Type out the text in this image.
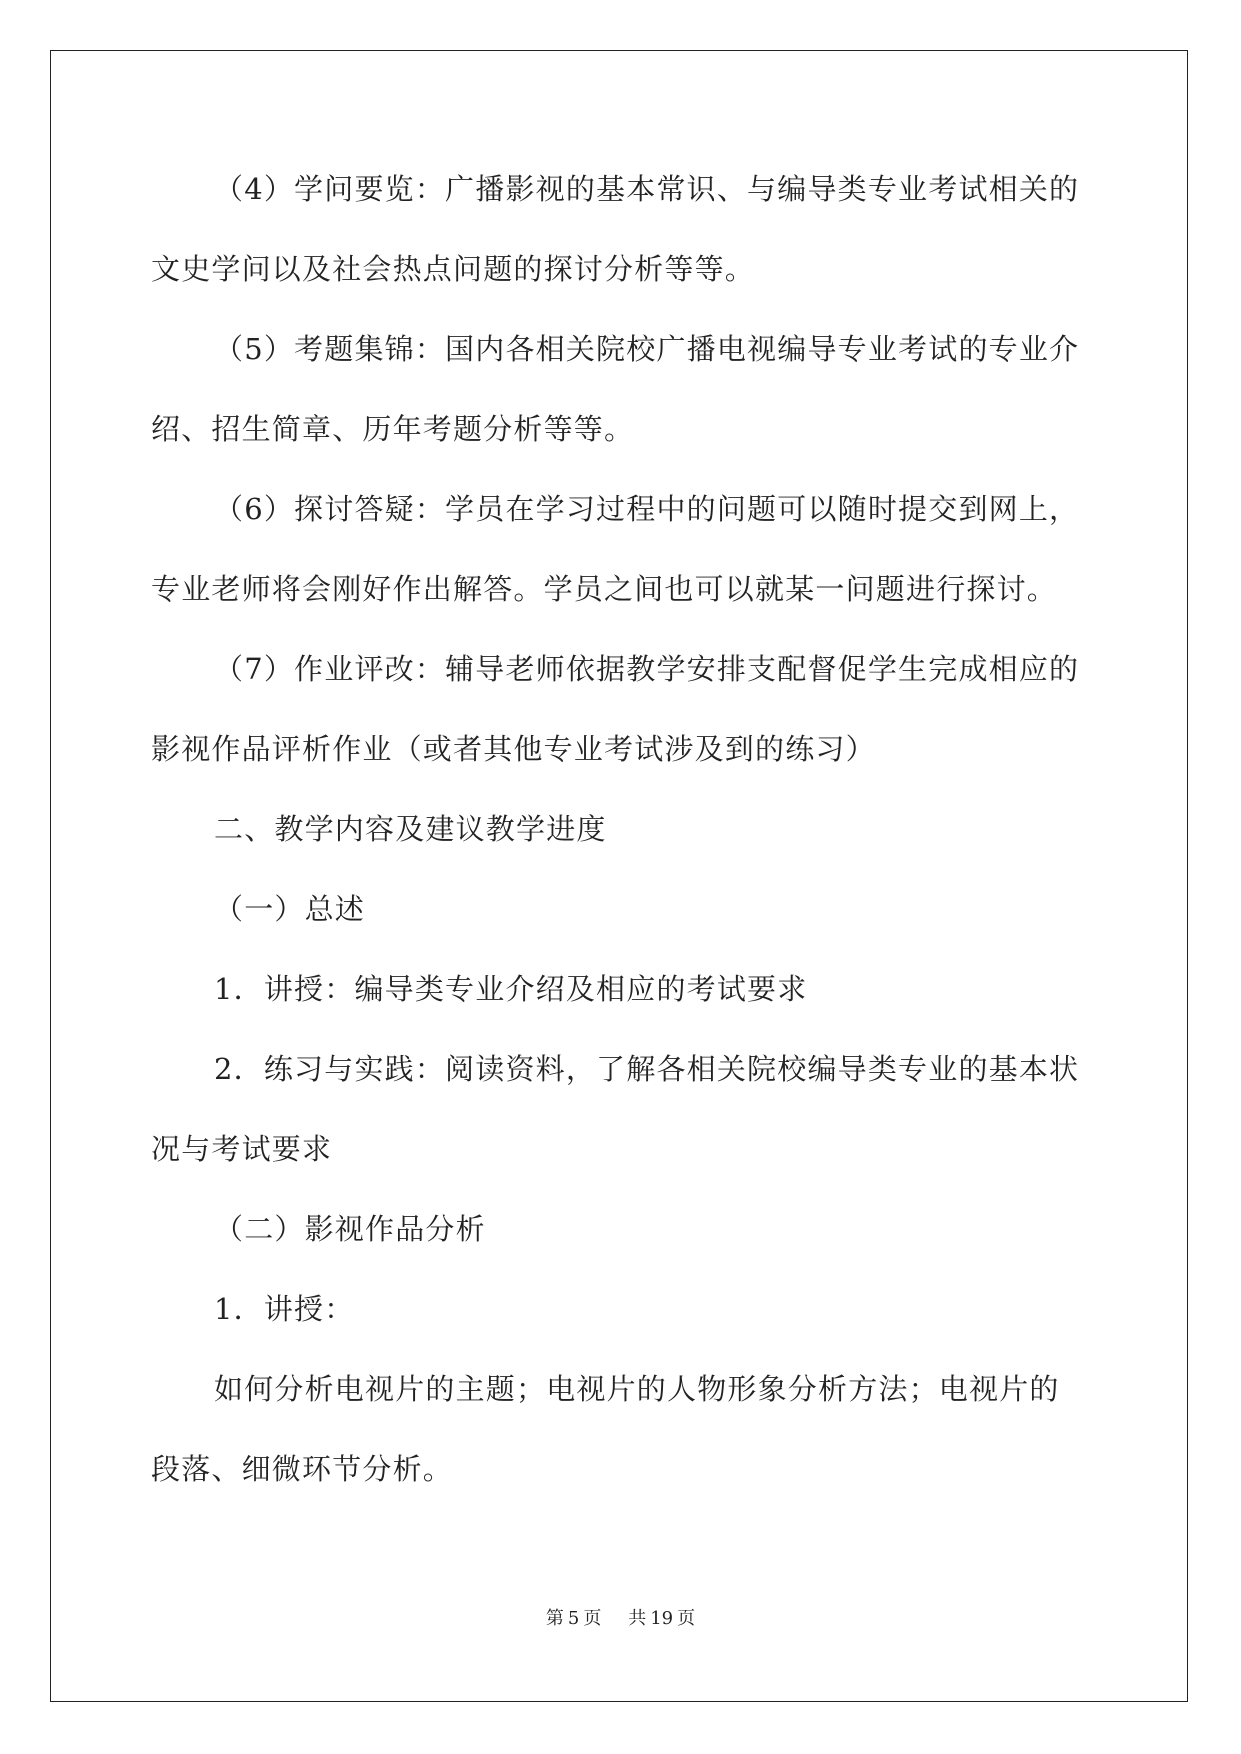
（4）学问要览：广播影视的基本常识、与编导类专业考试相关的
文史学问以及社会热点问题的探讨分析等等。
（5）考题集锦：国内各相关院校广播电视编导专业考试的专业介
绍、招生简章、历年考题分析等等。
（6）探讨答疑：学员在学习过程中的问题可以随时提交到网上，
专业老师将会刚好作出解答。学员之间也可以就某一问题进行探讨。
（7）作业评改：辅导老师依据教学安排支配督促学生完成相应的
影视作品评析作业（或者其他专业考试涉及到的练习）
二、教学内容及建议教学进度
（一）总述
1．讲授：编导类专业介绍及相应的考试要求
2．练习与实践：阅读资料，了解各相关院校编导类专业的基本状
况与考试要求
（二）影视作品分析
1．讲授：
如何分析电视片的主题；电视片的人物形象分析方法；电视片的
段落、细微环节分析。
第 5 页 共 19 页
